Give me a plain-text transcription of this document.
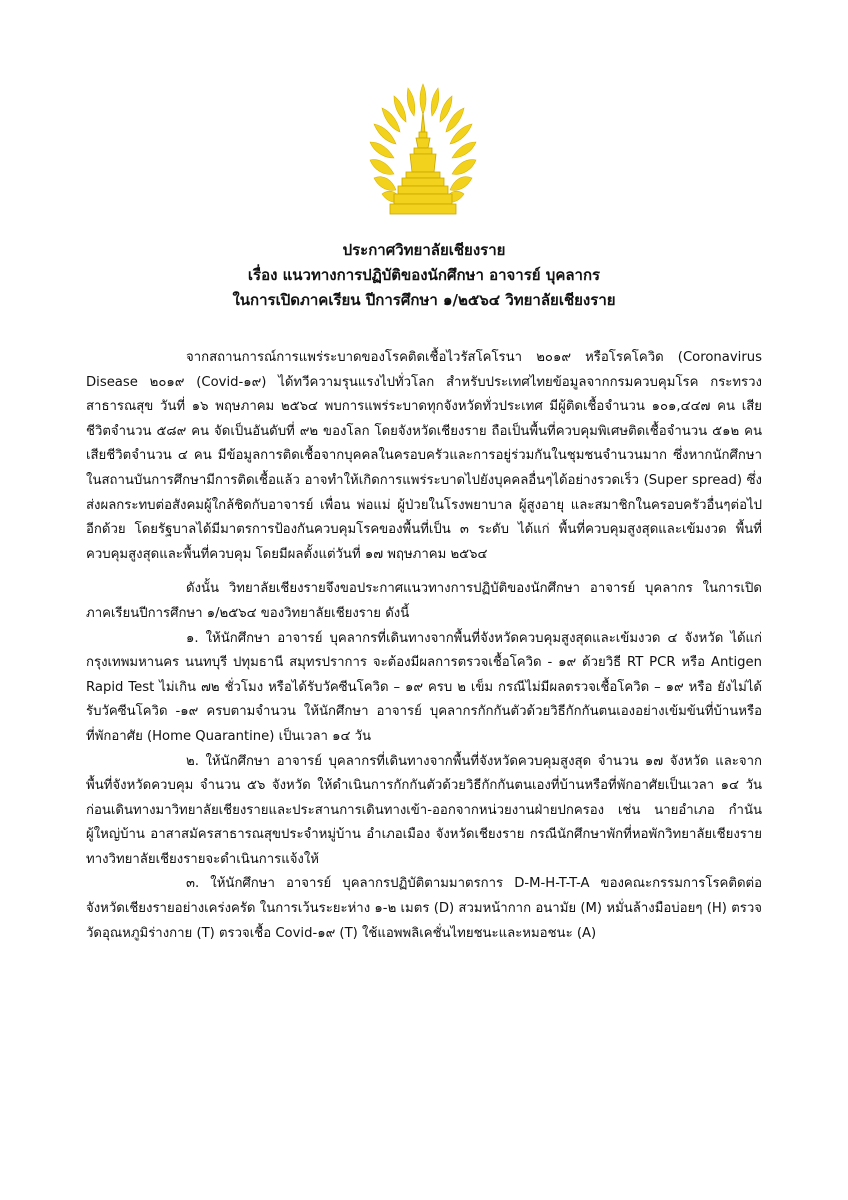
ประกาศวิทยาลัยเชียงราย
เรื่อง แนวทางการปฏิบัติของนักศึกษา อาจารย์ บุคลากร
ในการเปิดภาคเรียน ปีการศึกษา ๑/๒๕๖๔ วิทยาลัยเชียงราย

จากสถานการณ์การแพร่ระบาดของโรคติดเชื้อไวรัสโคโรนา ๒๐๑๙ หรือโรคโควิด (Coronavirus Disease ๒๐๑๙ (Covid-๑๙) ได้ทวีความรุนแรงไปทั่วโลก สำหรับประเทศไทยข้อมูลจากกรมควบคุมโรค กระทรวงสาธารณสุข วันที่ ๑๖ พฤษภาคม ๒๕๖๔ พบการแพร่ระบาดทุกจังหวัดทั่วประเทศ มีผู้ติดเชื้อจำนวน ๑๐๑,๔๔๗ คน เสียชีวิตจำนวน ๕๘๙ คน จัดเป็นอันดับที่ ๙๒ ของโลก โดยจังหวัดเชียงราย ถือเป็นพื้นที่ควบคุมพิเศษติดเชื้อจำนวน ๕๑๒ คน เสียชีวิตจำนวน ๔ คน มีข้อมูลการติดเชื้อจากบุคคลในครอบครัวและการอยู่ร่วมกันในชุมชนจำนวนมาก ซึ่งหากนักศึกษาในสถานบันการศึกษามีการติดเชื้อแล้ว อาจทำให้เกิดการแพร่ระบาดไปยังบุคคลอื่นๆได้อย่างรวดเร็ว (Super spread) ซึ่งส่งผลกระทบต่อสังคมผู้ใกล้ชิดกับอาจารย์ เพื่อน พ่อแม่ ผู้ป่วยในโรงพยาบาล ผู้สูงอายุ และสมาชิกในครอบครัวอื่นๆต่อไปอีกด้วย โดยรัฐบาลได้มีมาตรการป้องกันควบคุมโรคของพื้นที่เป็น ๓ ระดับ ได้แก่ พื้นที่ควบคุมสูงสุดและเข้มงวด พื้นที่ควบคุมสูงสุดและพื้นที่ควบคุม โดยมีผลตั้งแต่วันที่ ๑๗ พฤษภาคม ๒๕๖๔

ดังนั้น วิทยาลัยเชียงรายจึงขอประกาศแนวทางการปฏิบัติของนักศึกษา อาจารย์ บุคลากร ในการเปิดภาคเรียนปีการศึกษา ๑/๒๕๖๔ ของวิทยาลัยเชียงราย ดังนี้

๑. ให้นักศึกษา อาจารย์ บุคลากรที่เดินทางจากพื้นที่จังหวัดควบคุมสูงสุดและเข้มงวด ๔ จังหวัด ได้แก่ กรุงเทพมหานคร นนทบุรี ปทุมธานี สมุทรปราการ จะต้องมีผลการตรวจเชื้อโควิด - ๑๙ ด้วยวิธี RT PCR หรือ Antigen Rapid Test ไม่เกิน ๗๒ ชั่วโมง หรือได้รับวัคซีนโควิด – ๑๙ ครบ ๒ เข็ม กรณีไม่มีผลตรวจเชื้อโควิด – ๑๙ หรือ ยังไม่ได้รับวัคซีนโควิด -๑๙ ครบตามจำนวน ให้นักศึกษา อาจารย์ บุคลากรกักกันตัวด้วยวิธีกักกันตนเองอย่างเข้มข้นที่บ้านหรือที่พักอาศัย (Home Quarantine) เป็นเวลา ๑๔ วัน

๒. ให้นักศึกษา อาจารย์ บุคลากรที่เดินทางจากพื้นที่จังหวัดควบคุมสูงสุด จำนวน ๑๗ จังหวัด และจากพื้นที่จังหวัดควบคุม จำนวน ๕๖ จังหวัด ให้ดำเนินการกักกันตัวด้วยวิธีกักกันตนเองที่บ้านหรือที่พักอาศัยเป็นเวลา ๑๔ วัน ก่อนเดินทางมาวิทยาลัยเชียงรายและประสานการเดินทางเข้า-ออกจากหน่วยงานฝ่ายปกครอง เช่น นายอำเภอ กำนัน ผู้ใหญ่บ้าน อาสาสมัครสาธารณสุขประจำหมู่บ้าน อำเภอเมือง จังหวัดเชียงราย กรณีนักศึกษาพักที่หอพักวิทยาลัยเชียงรายทางวิทยาลัยเชียงรายจะดำเนินการแจ้งให้

๓. ให้นักศึกษา อาจารย์ บุคลากรปฏิบัติตามมาตรการ D-M-H-T-T-A ของคณะกรรมการโรคติดต่อจังหวัดเชียงรายอย่างเคร่งครัด ในการเว้นระยะห่าง ๑-๒ เมตร (D) สวมหน้ากาก อนามัย (M) หมั่นล้างมือบ่อยๆ (H) ตรวจวัดอุณหภูมิร่างกาย (T) ตรวจเชื้อ Covid-๑๙ (T) ใช้แอพพลิเคชั่นไทยชนะและหมอชนะ (A)
